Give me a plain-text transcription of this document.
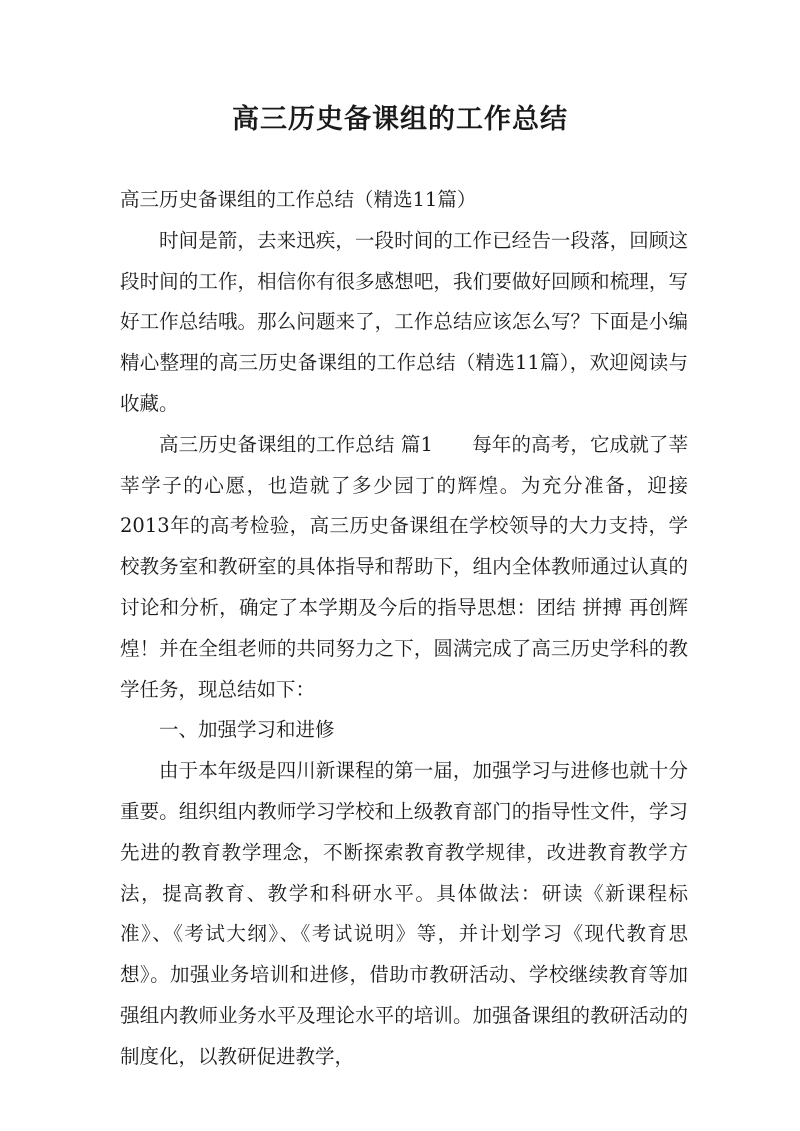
高三历史备课组的工作总结

高三历史备课组的工作总结（精选11篇）

时间是箭，去来迅疾，一段时间的工作已经告一段落，回顾这段时间的工作，相信你有很多感想吧，我们要做好回顾和梳理，写好工作总结哦。那么问题来了，工作总结应该怎么写？下面是小编精心整理的高三历史备课组的工作总结（精选11篇），欢迎阅读与收藏。

高三历史备课组的工作总结 篇1　　每年的高考，它成就了莘莘学子的心愿，也造就了多少园丁的辉煌。为充分准备，迎接2013年的高考检验，高三历史备课组在学校领导的大力支持，学校教务室和教研室的具体指导和帮助下，组内全体教师通过认真的讨论和分析，确定了本学期及今后的指导思想：团结 拼搏 再创辉煌！并在全组老师的共同努力之下，圆满完成了高三历史学科的教学任务，现总结如下：

一、加强学习和进修

由于本年级是四川新课程的第一届，加强学习与进修也就十分重要。组织组内教师学习学校和上级教育部门的指导性文件，学习先进的教育教学理念，不断探索教育教学规律，改进教育教学方法，提高教育、教学和科研水平。具体做法：研读《新课程标准》、《考试大纲》、《考试说明》等，并计划学习《现代教育思想》。加强业务培训和进修，借助市教研活动、学校继续教育等加强组内教师业务水平及理论水平的培训。加强备课组的教研活动的制度化，以教研促进教学，
